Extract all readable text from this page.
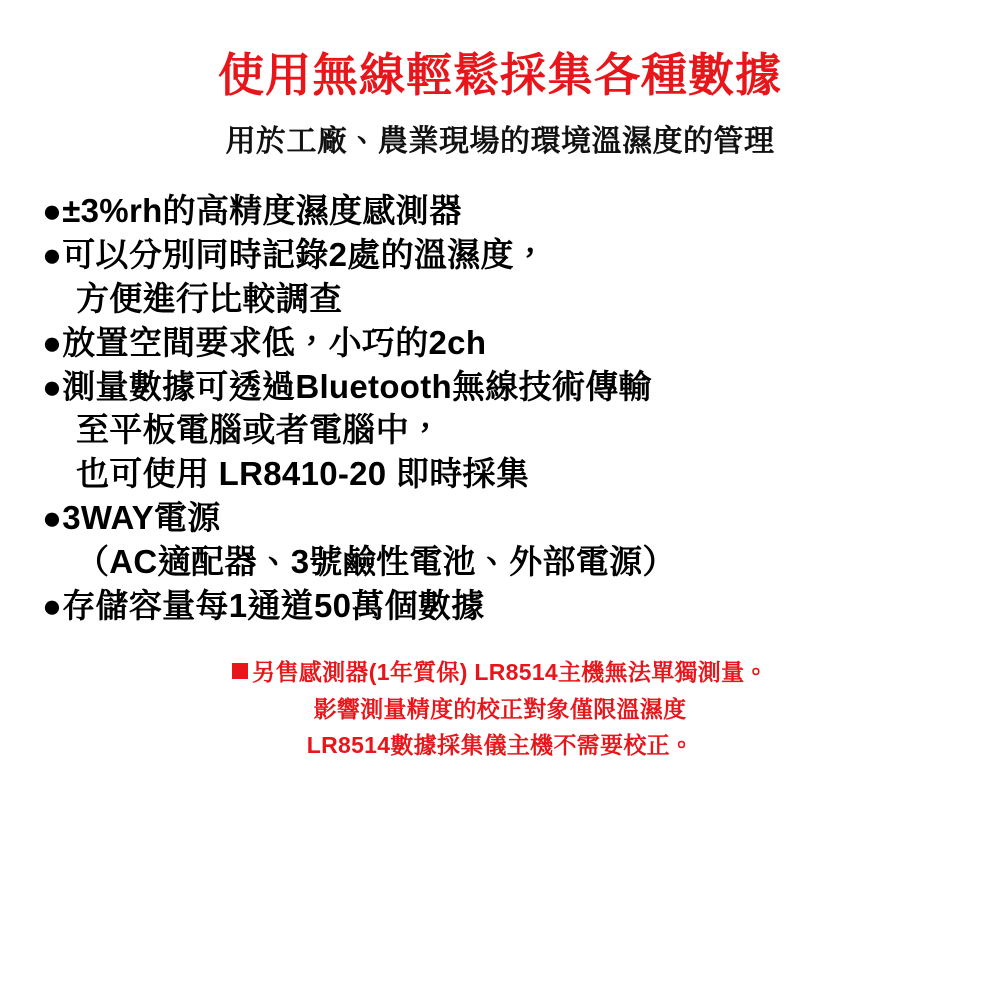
使用無線輕鬆採集各種數據
用於工廠、農業現場的環境溫濕度的管理
●±3%rh的高精度濕度感測器
●可以分別同時記錄2處的溫濕度，
方便進行比較調查
●放置空間要求低，小巧的2ch
●測量數據可透過Bluetooth無線技術傳輸
至平板電腦或者電腦中，
也可使用 LR8410-20 即時採集
●3WAY電源
（AC適配器、3號鹼性電池、外部電源）
●存儲容量每1通道50萬個數據
另售感測器(1年質保) LR8514主機無法單獨測量。
影響測量精度的校正對象僅限溫濕度
LR8514數據採集儀主機不需要校正。
